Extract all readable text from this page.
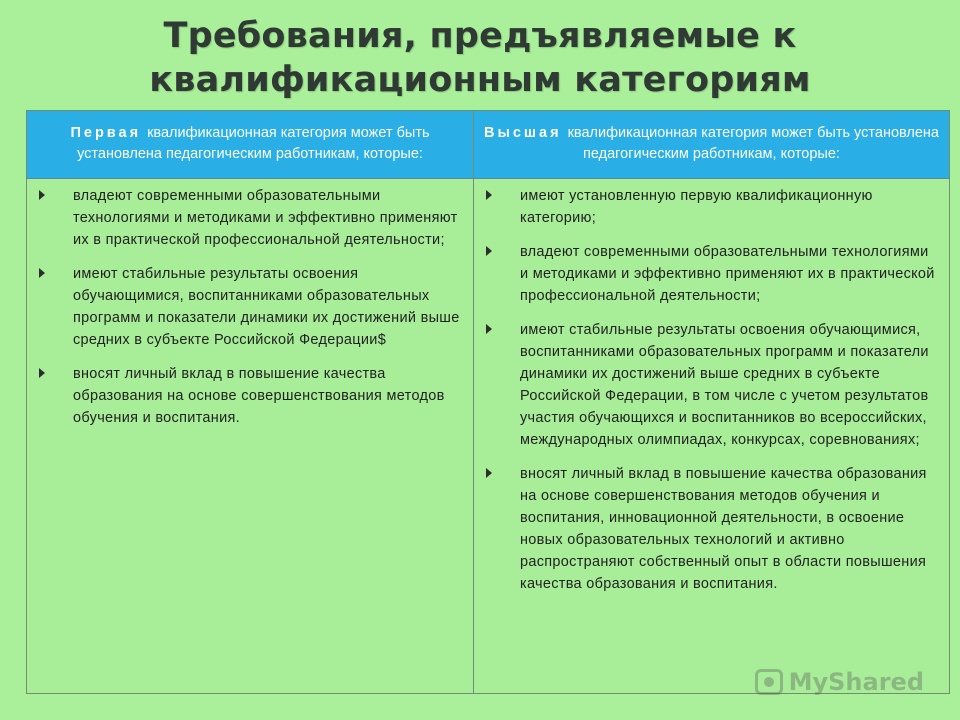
Требования, предъявляемые к
квалификационным категориям
Первая квалификационная категория может быть установлена педагогическим работникам, которые:
владеют современными образовательными технологиями и методиками и эффективно применяют их в практической профессиональной деятельности;
имеют стабильные результаты освоения обучающимися, воспитанниками образовательных программ и показатели динамики их достижений выше средних в субъекте Российской Федерации$
вносят личный вклад в повышение качества образования на основе совершенствования методов обучения и воспитания.
Высшая квалификационная категория может быть установлена педагогическим работникам, которые:
имеют установленную первую квалификационную категорию;
владеют современными образовательными технологиями и методиками и эффективно применяют их в практической профессиональной деятельности;
имеют стабильные результаты освоения обучающимися, воспитанниками образовательных программ и показатели динамики их достижений выше средних в субъекте Российской Федерации, в том числе с учетом результатов участия обучающихся и воспитанников во всероссийских, международных олимпиадах, конкурсах, соревнованиях;
вносят личный вклад в повышение качества образования на основе совершенствования методов обучения и воспитания, инновационной деятельности, в освоение новых образовательных технологий и активно распространяют собственный опыт в области повышения качества образования и воспитания.
MyShared
